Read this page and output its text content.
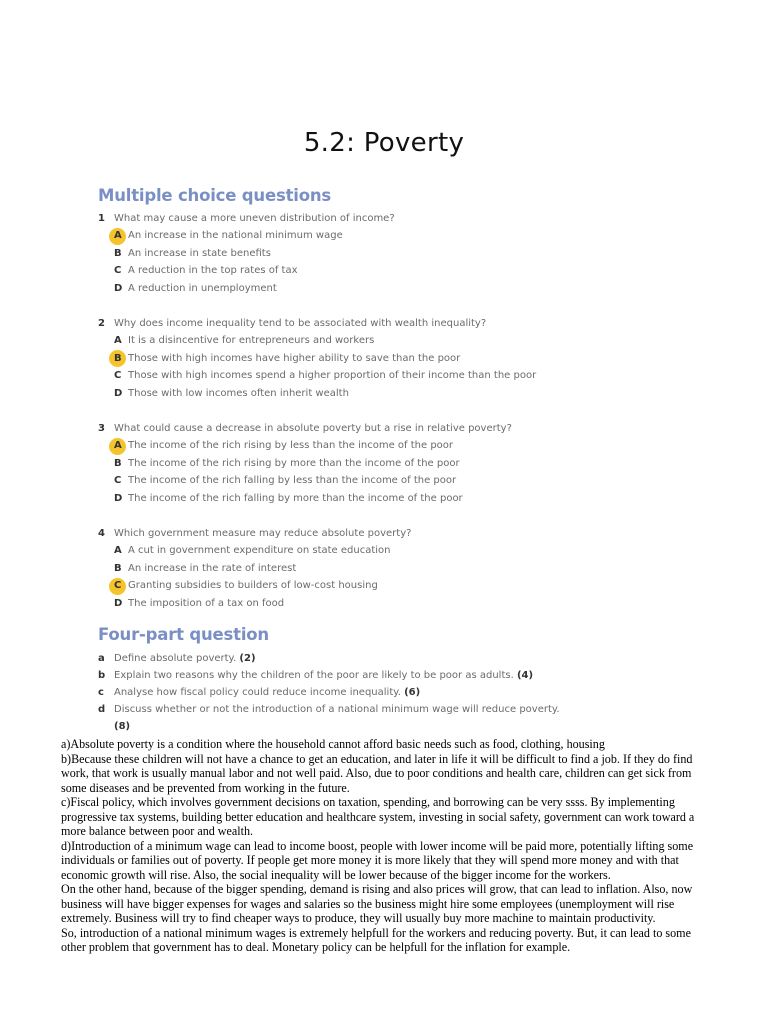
5.2: Poverty
Multiple choice questions
1 What may cause a more uneven distribution of income?
A An increase in the national minimum wage
B An increase in state benefits
C A reduction in the top rates of tax
D A reduction in unemployment
2 Why does income inequality tend to be associated with wealth inequality?
A It is a disincentive for entrepreneurs and workers
B Those with high incomes have higher ability to save than the poor
C Those with high incomes spend a higher proportion of their income than the poor
D Those with low incomes often inherit wealth
3 What could cause a decrease in absolute poverty but a rise in relative poverty?
A The income of the rich rising by less than the income of the poor
B The income of the rich rising by more than the income of the poor
C The income of the rich falling by less than the income of the poor
D The income of the rich falling by more than the income of the poor
4 Which government measure may reduce absolute poverty?
A A cut in government expenditure on state education
B An increase in the rate of interest
C Granting subsidies to builders of low-cost housing
D The imposition of a tax on food
Four-part question
a Define absolute poverty. (2)
b Explain two reasons why the children of the poor are likely to be poor as adults. (4)
c	Analyse how fiscal policy could reduce income inequality. (6)
d Discuss whether or not the introduction of a national minimum wage will reduce poverty. (8)

a)Absolute poverty is a condition where the household cannot afford basic needs such as food, clothing, housing

b)Because these children will not have a chance to get an education, and later in life it will be difficult to find a job. If they do find work, that work is usually manual labor and not well paid. Also, due to poor conditions and health care, children can get sick from some diseases and be prevented from working in the future.

c)Fiscal policy, which involves government decisions on taxation, spending, and borrowing can be very ssss. By implementing progressive tax systems, building better education and healthcare system, investing in social safety, government can work toward a more balance between poor and wealth.

d)Introduction of a minimum wage can lead to income boost, people with lower income will be paid more, potentially lifting some individuals or families out of poverty. If people get more money it is more likely that they will spend more money and with that economic growth will rise. Also, the social inequality will be lower because of the bigger income for the workers.

On the other hand, because of the bigger spending, demand is rising and also prices will grow, that can lead to inflation. Also, now business will have bigger expenses for wages and salaries so the business might hire some employees (unemployment will rise extremely. Business will try to find cheaper ways to produce, they will usually buy more machine to maintain productivity.

So, introduction of a national minimum wages is extremely helpfull for the workers and reducing poverty. But, it can lead to some other problem that government has to deal. Monetary policy can be helpfull for the inflation for example.
